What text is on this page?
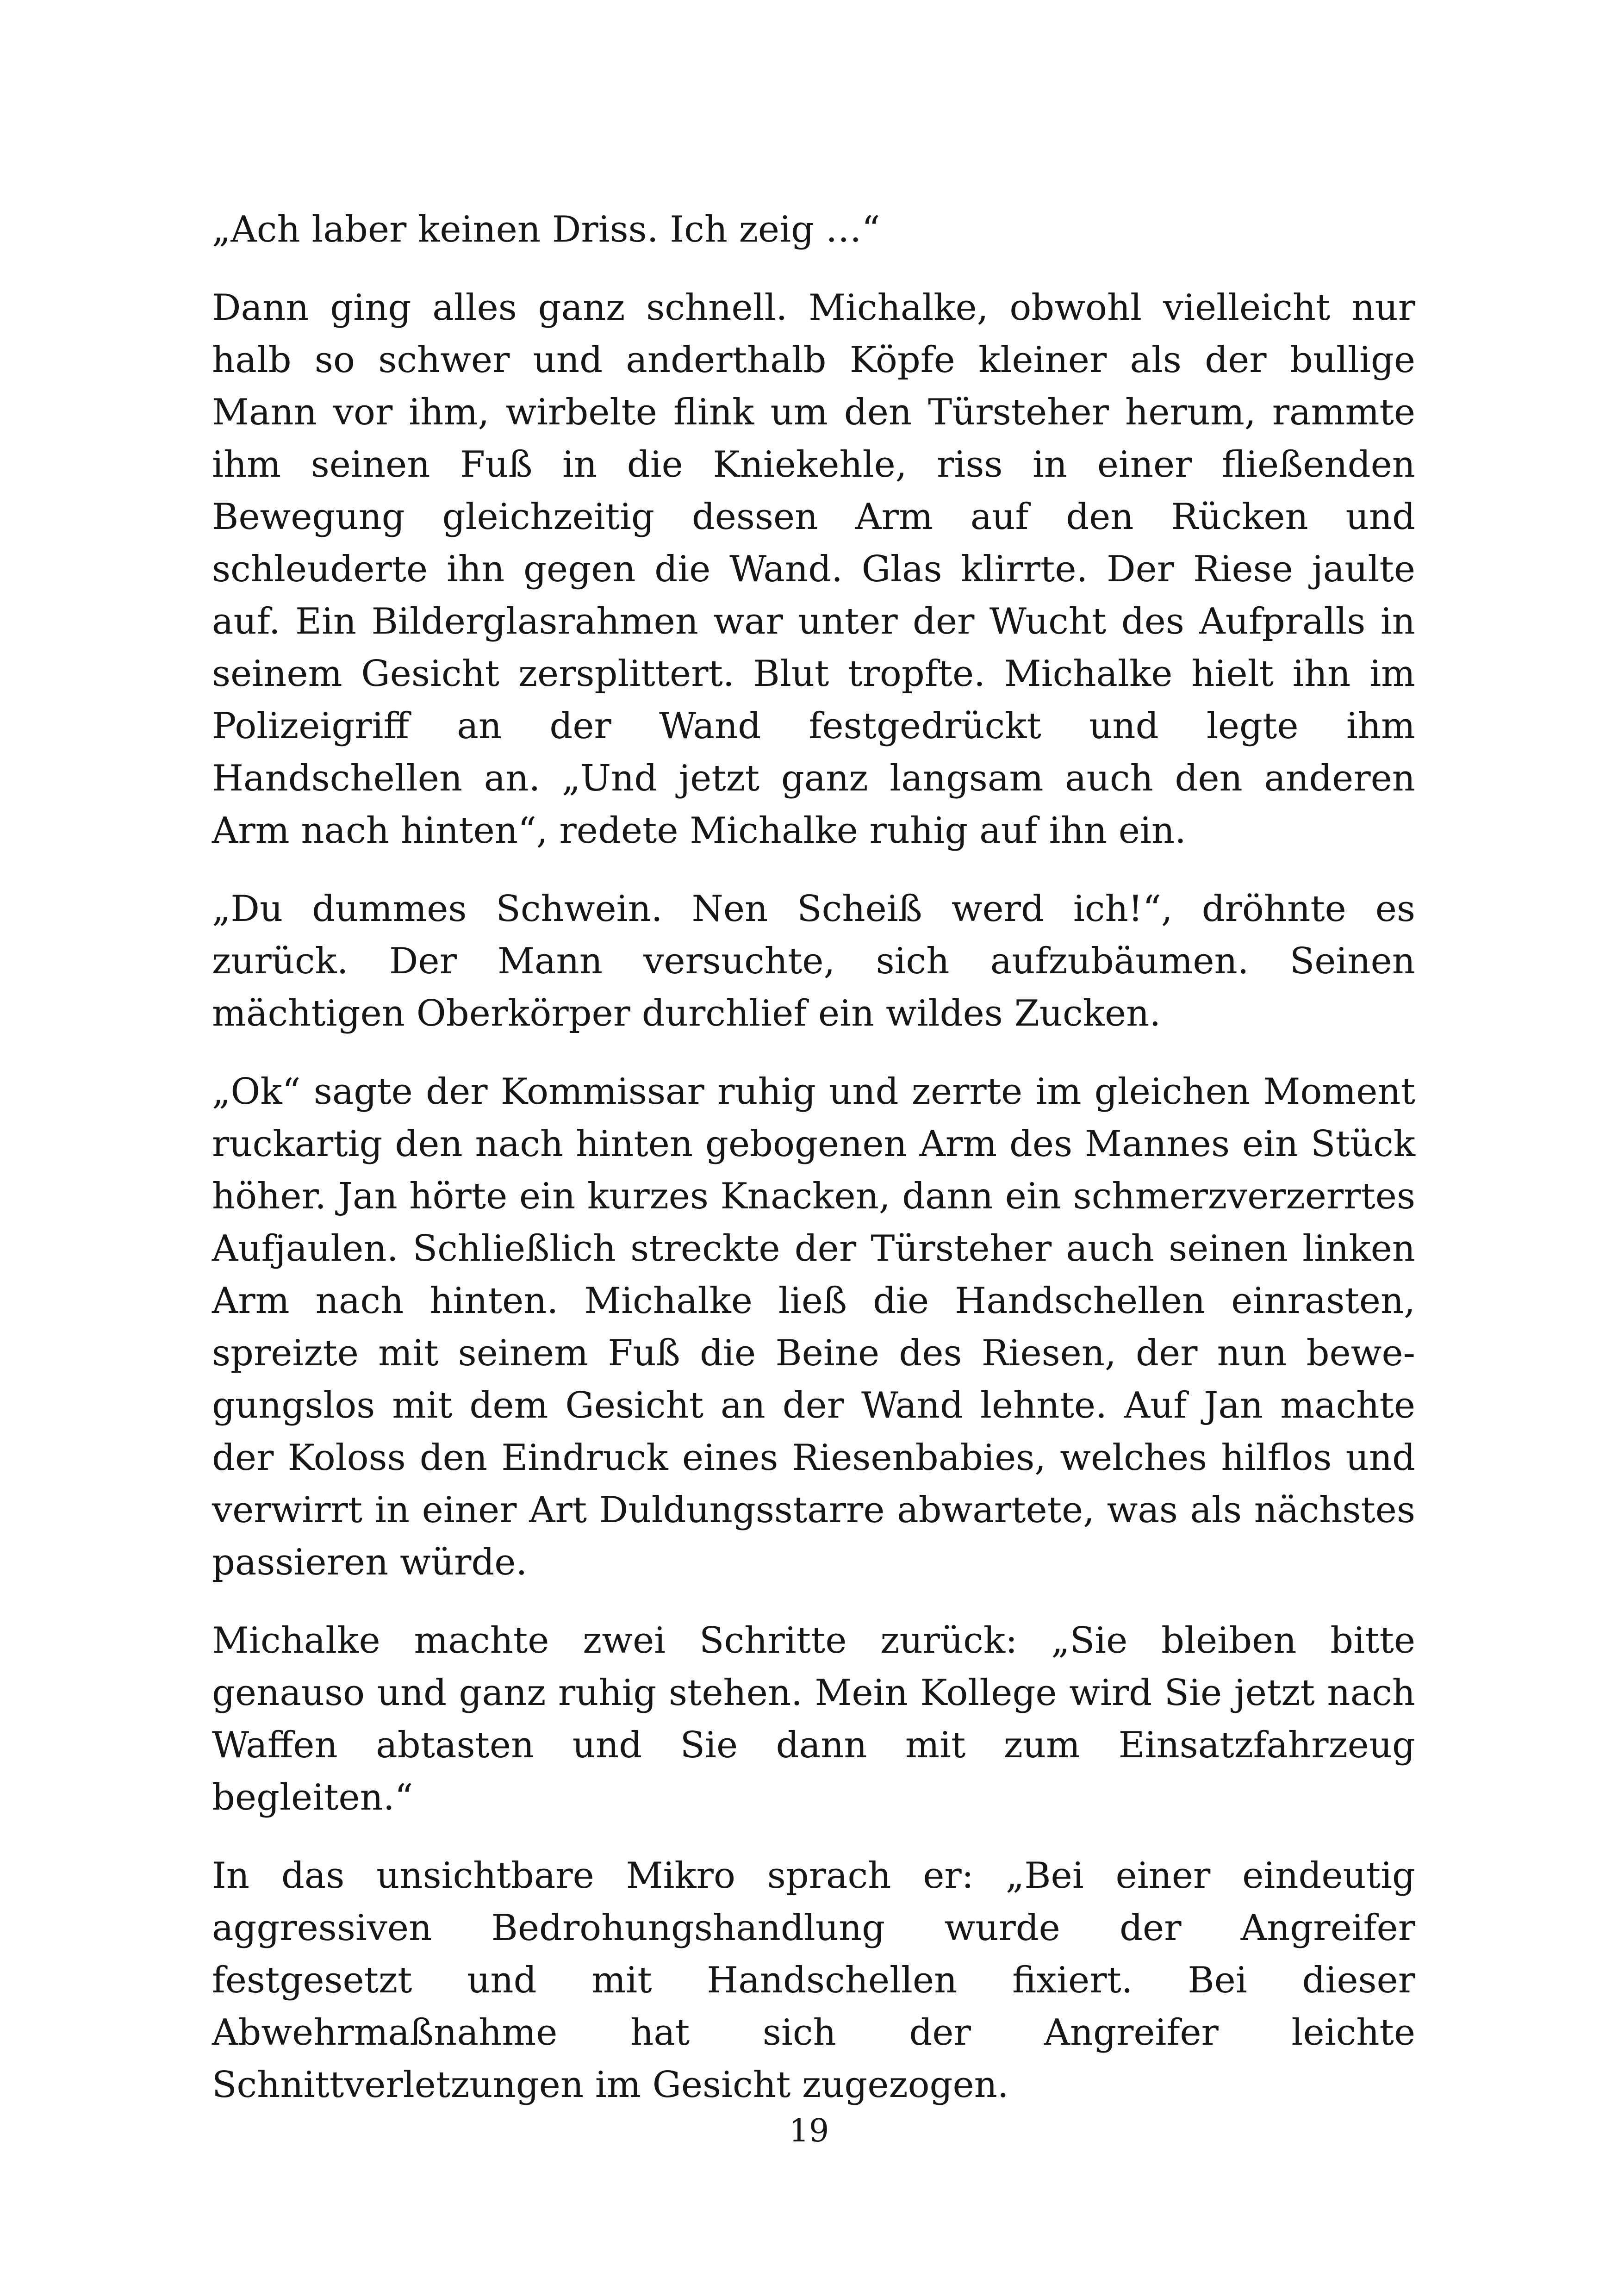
„Ach laber keinen Driss. Ich zeig …“

Dann ging alles ganz schnell. Michalke, obwohl vielleicht nur halb so schwer und anderthalb Köpfe kleiner als der bullige Mann vor ihm, wirbelte flink um den Türsteher herum, rammte ihm seinen Fuß in die Kniekehle, riss in einer fließenden Bewegung gleichzeitig dessen Arm auf den Rücken und schleuderte ihn gegen die Wand. Glas klirrte. Der Riese jaulte auf. Ein Bilderglasrahmen war unter der Wucht des Aufpralls in seinem Gesicht zersplittert. Blut tropfte. Michalke hielt ihn im Polizeigriff an der Wand festgedrückt und legte ihm Handschellen an. „Und jetzt ganz langsam auch den anderen Arm nach hinten“, redete Michalke ruhig auf ihn ein.

„Du dummes Schwein. Nen Scheiß werd ich!“, dröhnte es zurück. Der Mann versuchte, sich aufzubäumen. Seinen mächtigen Oberkörper durchlief ein wildes Zucken.

„Ok“ sagte der Kommissar ruhig und zerrte im gleichen Moment ruckartig den nach hinten gebogenen Arm des Mannes ein Stück höher. Jan hörte ein kurzes Knacken, dann ein schmerzverzerrtes Aufjaulen. Schließlich streckte der Türsteher auch seinen linken Arm nach hinten. Michalke ließ die Handschellen einrasten, spreizte mit seinem Fuß die Beine des Riesen, der nun bewegungslos mit dem Gesicht an der Wand lehnte. Auf Jan machte der Koloss den Eindruck eines Riesenbabies, welches hilflos und verwirrt in einer Art Duldungsstarre abwartete, was als nächstes passieren würde.

Michalke machte zwei Schritte zurück: „Sie bleiben bitte genauso und ganz ruhig stehen. Mein Kollege wird Sie jetzt nach Waffen abtasten und Sie dann mit zum Einsatzfahrzeug begleiten.“

In das unsichtbare Mikro sprach er: „Bei einer eindeutig aggressiven Bedrohungshandlung wurde der Angreifer festgesetzt und mit Handschellen fixiert. Bei dieser Abwehrmaßnahme hat sich der Angreifer leichte Schnittverletzungen im Gesicht zugezogen.

19
